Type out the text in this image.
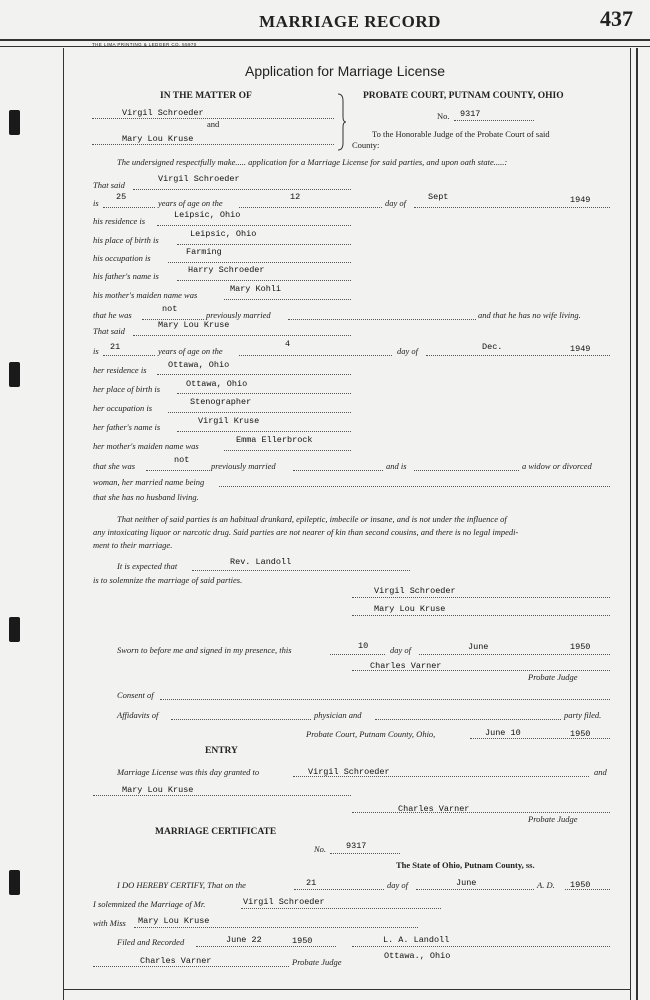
MARRIAGE RECORD	437
THE LIMA PRINTING & LEDGER CO. 55970
Application for Marriage License
IN THE MATTER OF
Virgil Schroeder
and
Mary Lou Kruse
PROBATE COURT, PUTNAM COUNTY, OHIO
No. 9317
To the Honorable Judge of the Probate Court of said
County:
The undersigned respectfully make..... application for a Marriage License for said parties, and upon oath state.....:
That said
Virgil Schroeder
is
25
years of age on the
12
day of
Sept	1949
his residence is
Leipsic, Ohio
his place of birth is
Leipsic, Ohio
his occupation is
Farming
his father's name is
Harry Schroeder
his mother's maiden name was
Mary Kohli
that he was
not
previously married	and that he has no wife living.
That said
Mary Lou Kruse
is 21	years of age on the
4
day of	Dec.	1949
her residence is	Ottawa, Ohio
her place of birth is	Ottawa, Ohio
her occupation is
Stenographer
her father's name is
Virgil Kruse
her mother's maiden name was
Emma Ellerbrock
that she was
not
previously married	and is	a widow or divorced
woman, her married name being
that she has no husband living.
That neither of said parties is an habitual drunkard, epileptic, imbecile or insane, and is not under the influence of
any intoxicating liquor or narcotic drug. Said parties are not nearer of kin than second cousins, and there is no legal impedi-
ment to their marriage.
It is expected that	Rev. Landoll
is to solemnize the marriage of said parties.
Virgil Schroeder
Mary Lou Kruse
Sworn to before me and signed in my presence, this	10	day of	June	1950
Charles Varner
Probate Judge
Consent of
Affidavits of	physician and	party filed.
Probate Court, Putnam County, Ohio,	June 10	1950
ENTRY
Marriage License was this day granted to	Virgil Schroeder	and
Mary Lou Kruse
Charles Varner
Probate Judge
MARRIAGE CERTIFICATE
No. 9317
The State of Ohio, Putnam County, ss.
I DO HEREBY CERTIFY, That on the	21	day of	June	A. D. 1950
I solemnized the Marriage of Mr.	Virgil Schroeder
with Miss Mary Lou Kruse
Filed and Recorded	June 22	1950	L. A. Landoll
Ottawa., Ohio
Charles Varner	Probate Judge
